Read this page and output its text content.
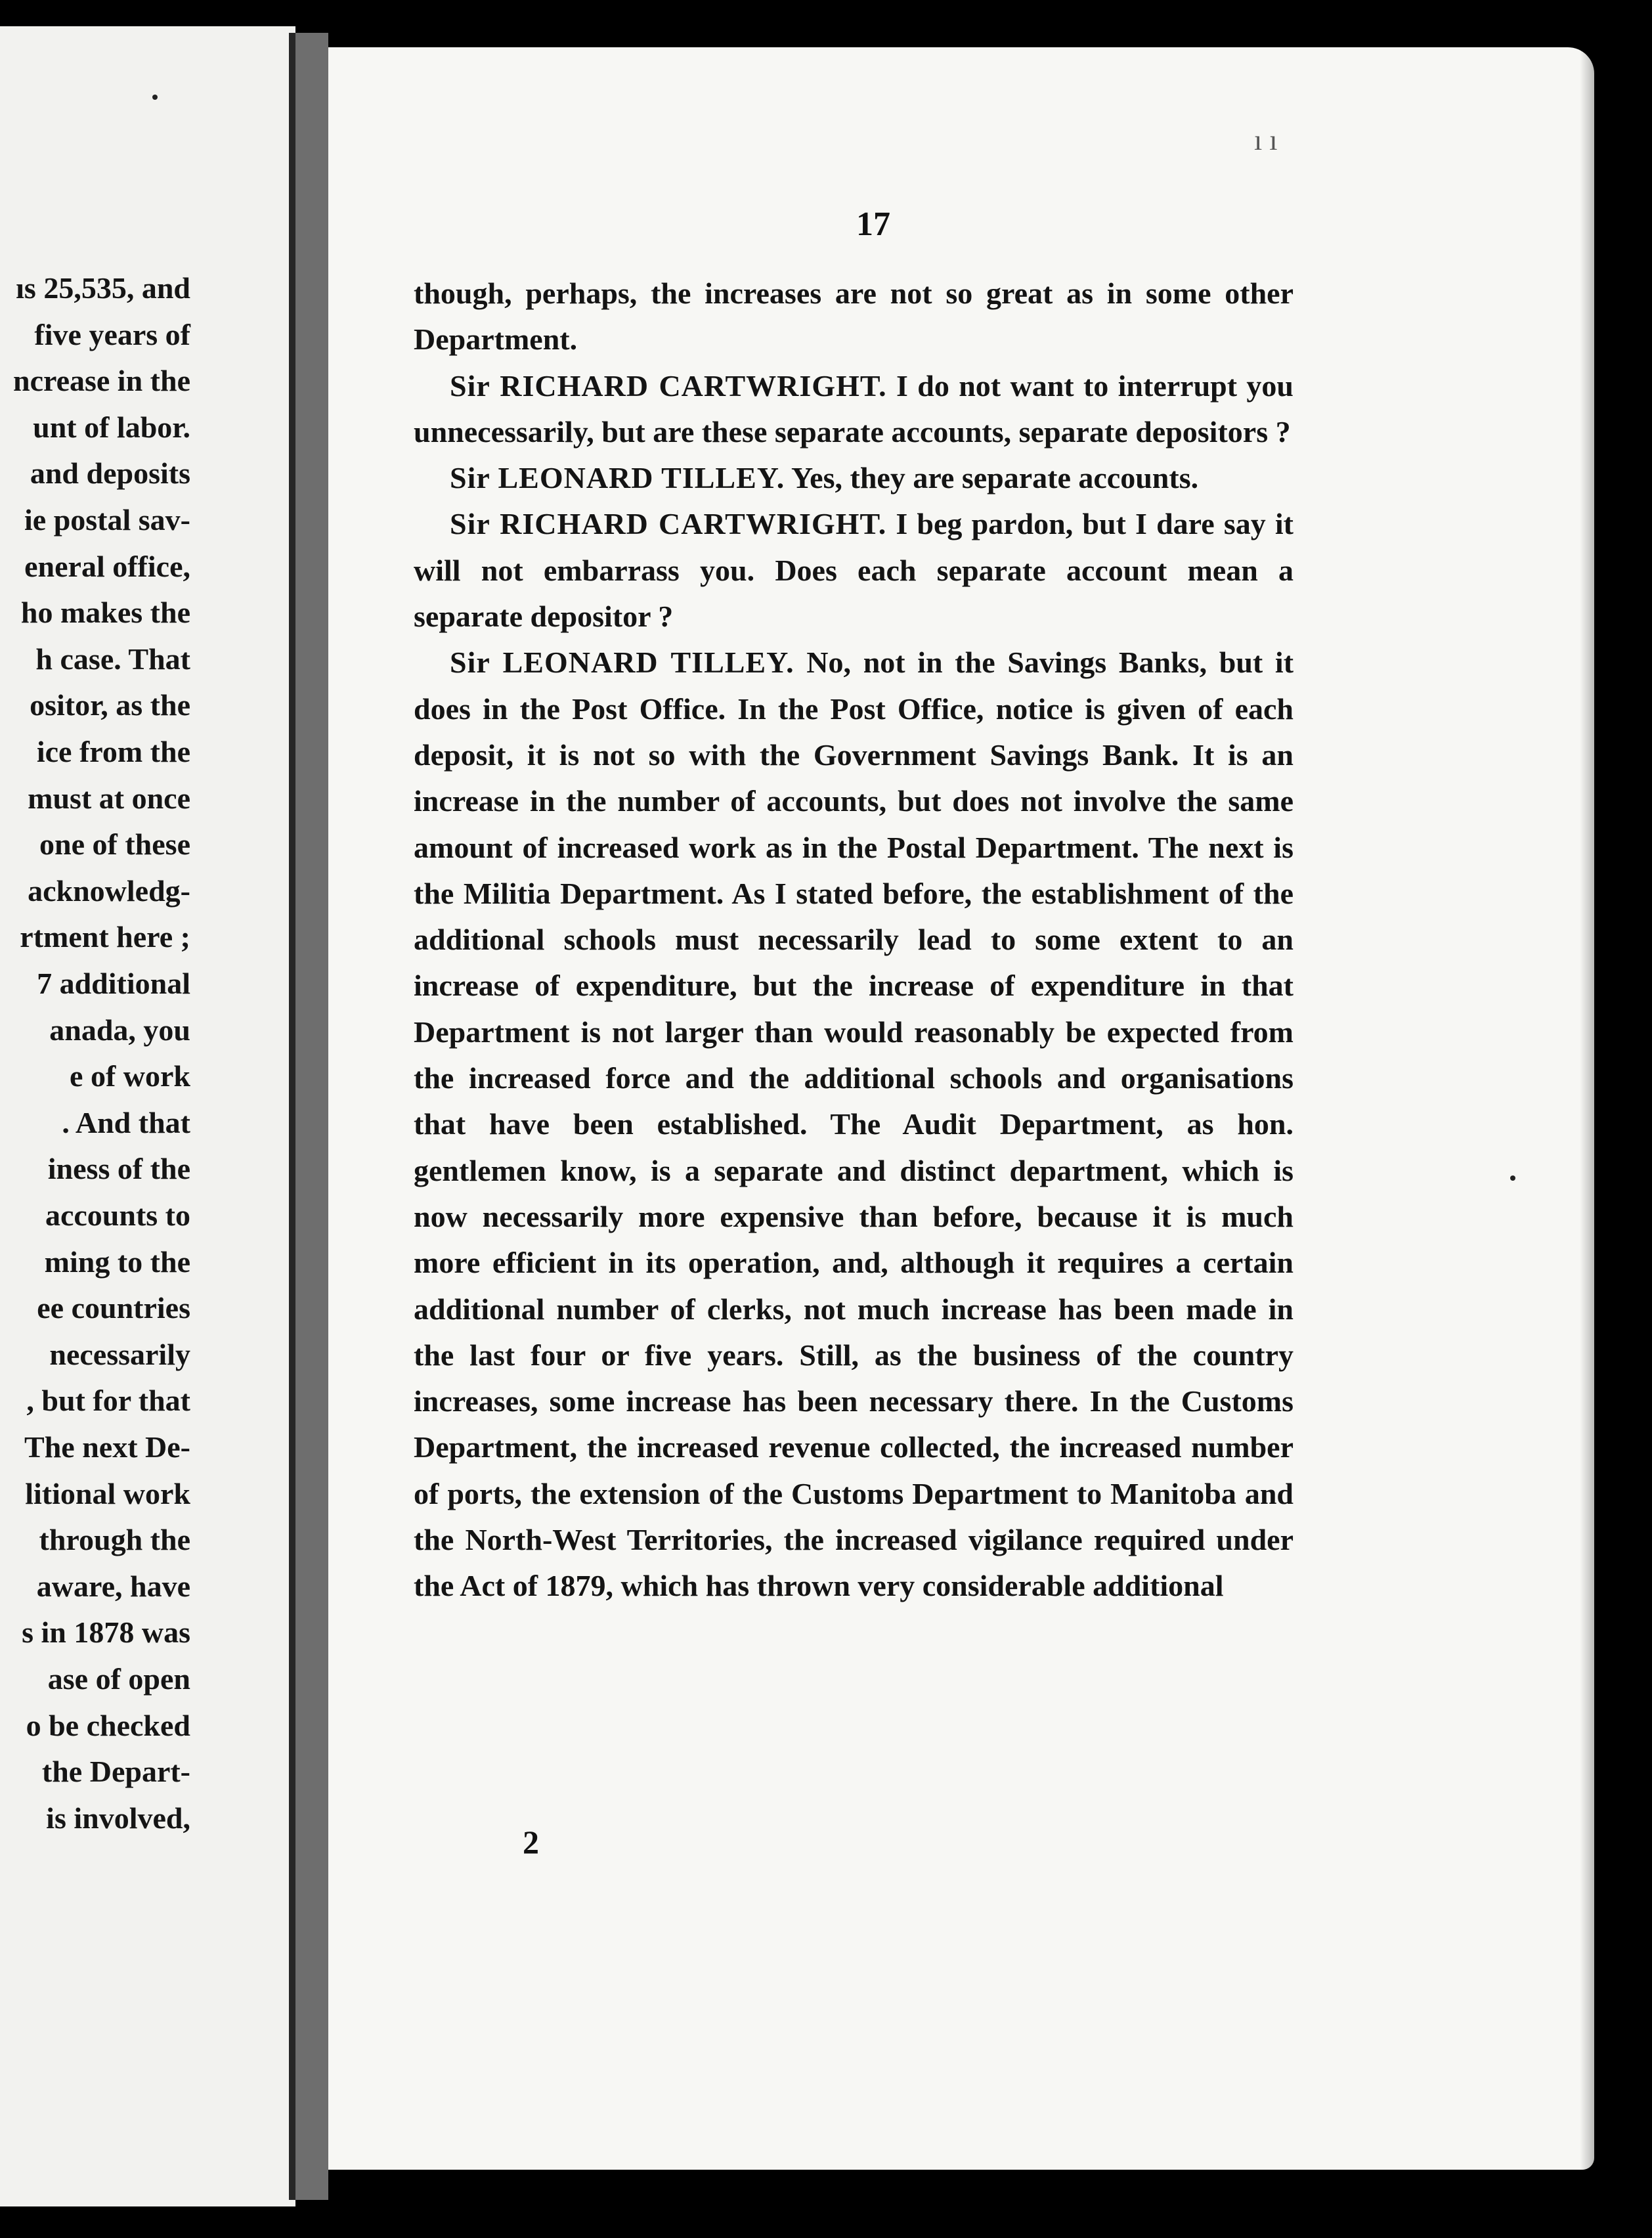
ıs 25,535, and
five years of
ncrease in the
unt of labor.
and deposits
ie postal sav-
eneral office,
ho makes the
h case. That
ositor, as the
ice from the
must at once
one of these
acknowledg-
rtment here ;
7 additional
anada, you
e of work
. And that
iness of the
accounts to
ming to the
ee countries
necessarily
, but for that
The next De-
litional work
through the
aware, have
s in 1878 was
ase of open
o be checked
the Depart-
is involved,
ı ı
17

though, perhaps, the increases are not so great as in some other Department.

Sir RICHARD CARTWRIGHT. I do not want to interrupt you unnecessarily, but are these separate accounts, separate depositors ?

Sir LEONARD TILLEY. Yes, they are separate accounts.

Sir RICHARD CARTWRIGHT. I beg pardon, but I dare say it will not embarrass you. Does each separate account mean a separate depositor ?

Sir LEONARD TILLEY. No, not in the Savings Banks, but it does in the Post Office. In the Post Office, notice is given of each deposit, it is not so with the Government Savings Bank. It is an increase in the number of accounts, but does not involve the same amount of increased work as in the Postal Department. The next is the Militia Department. As I stated before, the establishment of the additional schools must necessarily lead to some extent to an increase of expenditure, but the increase of expenditure in that Department is not larger than would reasonably be expected from the increased force and the additional schools and organisations that have been established. The Audit Department, as hon. gentlemen know, is a separate and distinct department, which is now necessarily more expensive than before, because it is much more efficient in its operation, and, although it requires a certain additional number of clerks, not much increase has been made in the last four or five years. Still, as the business of the country increases, some increase has been necessary there. In the Customs Department, the increased revenue collected, the increased number of ports, the extension of the Customs Department to Manitoba and the North-West Territories, the increased vigilance required under the Act of 1879, which has thrown very considerable additional

2
